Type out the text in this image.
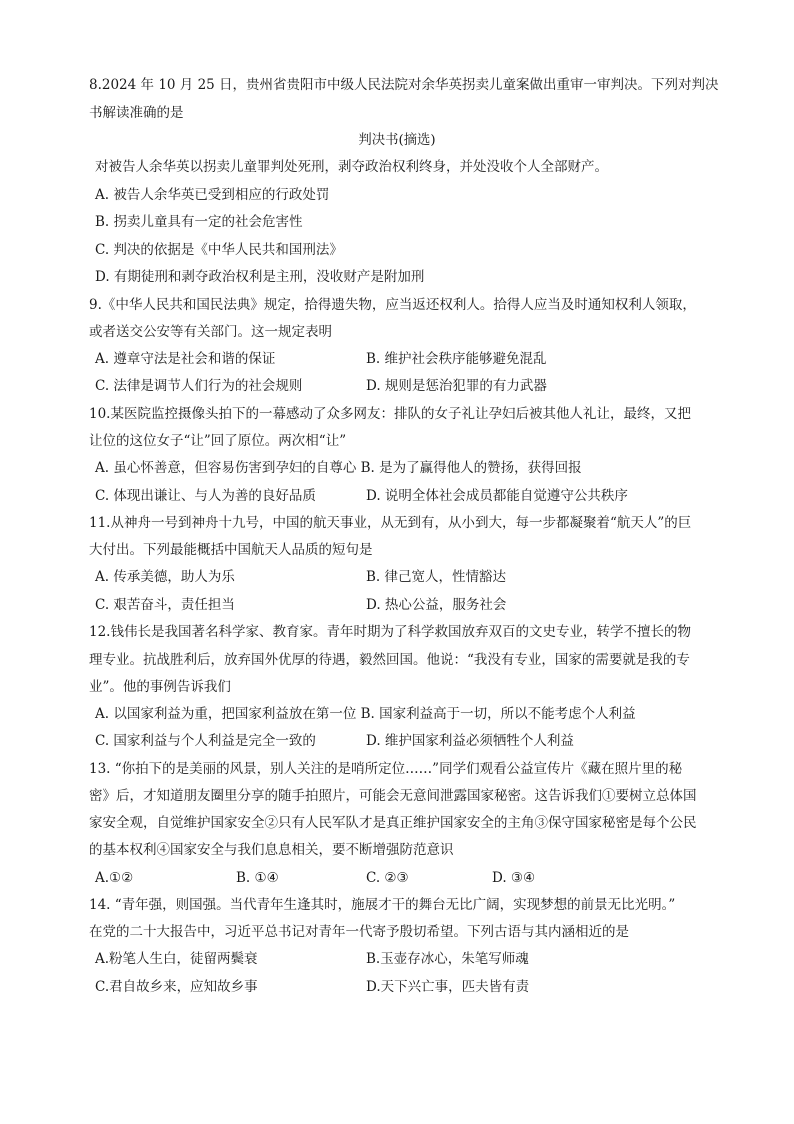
8.2024 年 10 月 25 日，贵州省贵阳市中级人民法院对余华英拐卖儿童案做出重审一审判决。下列对判决
书解读准确的是
判决书(摘选)
对被告人余华英以拐卖儿童罪判处死刑，剥夺政治权利终身，并处没收个人全部财产。
A. 被告人余华英已受到相应的行政处罚
B. 拐卖儿童具有一定的社会危害性
C. 判决的依据是《中华人民共和国刑法》
D. 有期徒刑和剥夺政治权利是主刑，没收财产是附加刑
9.《中华人民共和国民法典》规定，拾得遗失物，应当返还权利人。拾得人应当及时通知权利人领取，
或者送交公安等有关部门。这一规定表明
A. 遵章守法是社会和谐的保证	B. 维护社会秩序能够避免混乱
C. 法律是调节人们行为的社会规则	D. 规则是惩治犯罪的有力武器
10.某医院监控摄像头拍下的一幕感动了众多网友：排队的女子礼让孕妇后被其他人礼让，最终，又把
让位的这位女子“让”回了原位。两次相“让”
A. 虽心怀善意，但容易伤害到孕妇的自尊心 B. 是为了赢得他人的赞扬，获得回报
C. 体现出谦让、与人为善的良好品质	D. 说明全体社会成员都能自觉遵守公共秩序
11.从神舟一号到神舟十九号，中国的航天事业，从无到有，从小到大，每一步都凝聚着“航天人”的巨
大付出。下列最能概括中国航天人品质的短句是
A. 传承美德，助人为乐	B. 律己宽人，性情豁达
C. 艰苦奋斗，责任担当	D. 热心公益，服务社会
12.钱伟长是我国著名科学家、教育家。青年时期为了科学救国放弃双百的文史专业，转学不擅长的物
理专业。抗战胜利后，放弃国外优厚的待遇，毅然回国。他说：“我没有专业，国家的需要就是我的专
业”。他的事例告诉我们
A. 以国家利益为重，把国家利益放在第一位 B. 国家利益高于一切，所以不能考虑个人利益
C. 国家利益与个人利益是完全一致的	D. 维护国家利益必须牺牲个人利益
13. “你拍下的是美丽的风景，别人关注的是哨所定位……”同学们观看公益宣传片《藏在照片里的秘
密》后，才知道朋友圈里分享的随手拍照片，可能会无意间泄露国家秘密。这告诉我们①要树立总体国
家安全观，自觉维护国家安全②只有人民军队才是真正维护国家安全的主角③保守国家秘密是每个公民
的基本权利④国家安全与我们息息相关，要不断增强防范意识
A.①②	B. ①④	C. ②③	D. ③④
14. “青年强，则国强。当代青年生逢其时，施展才干的舞台无比广阔，实现梦想的前景无比光明。”
在党的二十大报告中，习近平总书记对青年一代寄予殷切希望。下列古语与其内涵相近的是
A.粉笔人生白，徒留两鬓衰	B.玉壶存冰心，朱笔写师魂
C.君自故乡来，应知故乡事	D.天下兴亡事，匹夫皆有责
